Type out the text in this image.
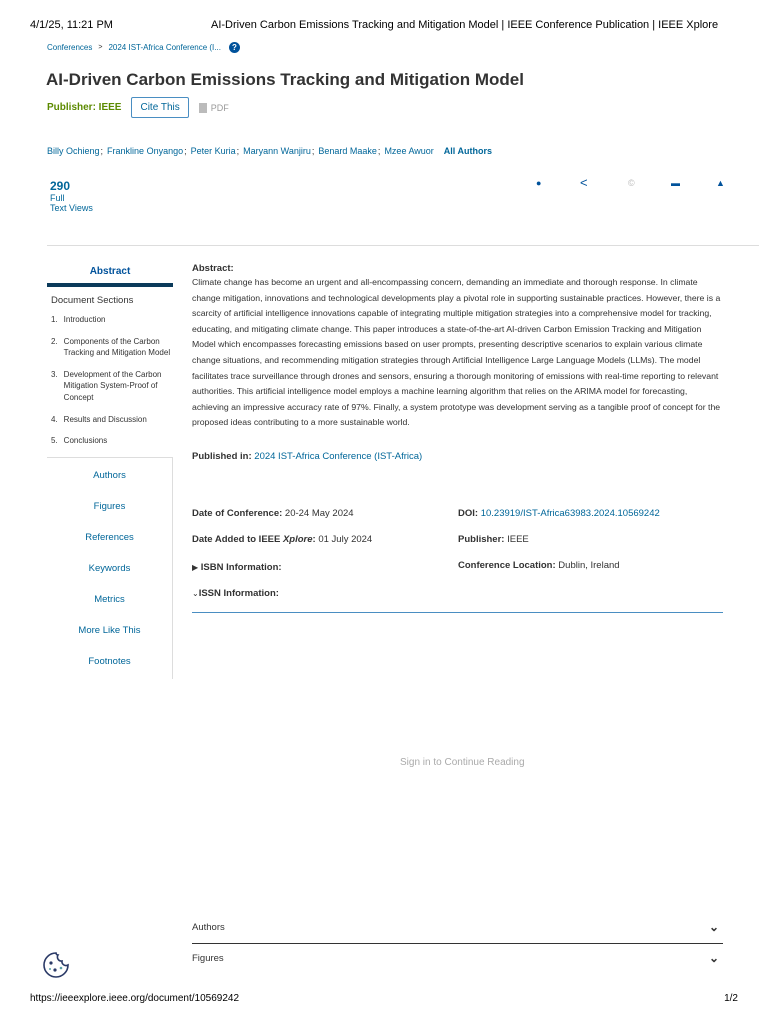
4/1/25, 11:21 PM	AI-Driven Carbon Emissions Tracking and Mitigation Model | IEEE Conference Publication | IEEE Xplore
Conferences > 2024 IST-Africa Conference (I...	?
AI-Driven Carbon Emissions Tracking and Mitigation Model
Publisher: IEEE	Cite This	PDF
Billy Ochieng ; Frankline Onyango ; Peter Kuria ; Maryann Wanjiru ; Benard Maake ; Mzee Awuor All Authors
290
Full
Text Views
●	<	©	▬	▲
Abstract
Document Sections
1. Introduction
2. Components of the Carbon Tracking and Mitigation Model
3. Development of the Carbon Mitigation System-Proof of Concept
4. Results and Discussion
5. Conclusions
Authors
Figures
References
Keywords
Metrics
More Like This
Footnotes
Abstract:
Climate change has become an urgent and all-encompassing concern, demanding an immediate and thorough response. In climate change mitigation, innovations and technological developments play a pivotal role in supporting sustainable practices. However, there is a scarcity of artificial intelligence innovations capable of integrating multiple mitigation strategies into a comprehensive model for tracking, educating, and mitigating climate change. This paper introduces a state-of-the-art AI-driven Carbon Emission Tracking and Mitigation Model which encompasses forecasting emissions based on user prompts, presenting descriptive scenarios to explain various climate change situations, and recommending mitigation strategies through Artificial Intelligence Large Language Models (LLMs). The model facilitates trace surveillance through drones and sensors, ensuring a thorough monitoring of emissions with real-time reporting to relevant authorities. This artificial intelligence model employs a machine learning algorithm that relies on the ARIMA model for forecasting, achieving an impressive accuracy rate of 97%. Finally, a system prototype was development serving as a tangible proof of concept for the proposed ideas contributing to a more sustainable world.
Published in: 2024 IST-Africa Conference (IST-Africa)
Date of Conference: 20-24 May 2024
Date Added to IEEE Xplore: 01 July 2024
▶ ISBN Information:
⌄ISSN Information:
DOI: 10.23919/IST-Africa63983.2024.10569242
Publisher: IEEE
Conference Location: Dublin, Ireland
Sign in to Continue Reading
Authors	⌄
Figures	⌄
https://ieeexplore.ieee.org/document/10569242	1/2
